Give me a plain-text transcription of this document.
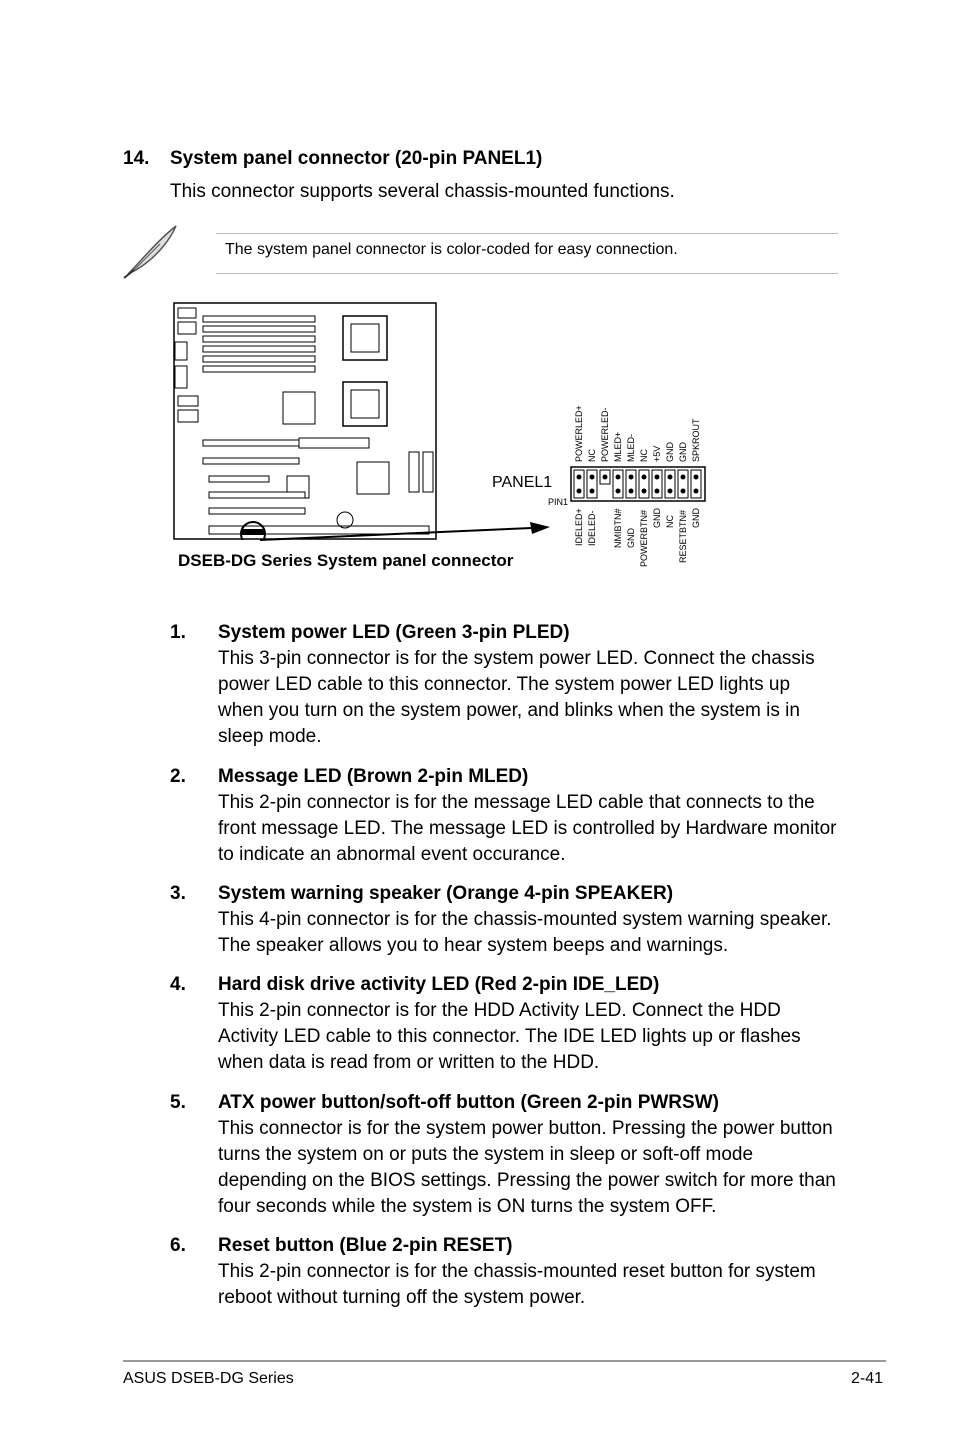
14. System panel connector (20-pin PANEL1)
This connector supports several chassis-mounted functions.
The system panel connector is color-coded for easy connection.
PANEL1
PIN1
POWERLED+ NC POWERLED- MLED+ MLED- NC +5V GND GND SPKROUT
IDELED+ IDELED- NMIBTN# GND POWERBTN# GND NC RESETBTN# GND
DSEB-DG Series System panel connector
1. System power LED (Green 3-pin PLED)
This 3-pin connector is for the system power LED. Connect the chassis power LED cable to this connector. The system power LED lights up when you turn on the system power, and blinks when the system is in sleep mode.
2. Message LED (Brown 2-pin MLED)
This 2-pin connector is for the message LED cable that connects to the front message LED. The message LED is controlled by Hardware monitor to indicate an abnormal event occurance.
3. System warning speaker (Orange 4-pin SPEAKER)
This 4-pin connector is for the chassis-mounted system warning speaker. The speaker allows you to hear system beeps and warnings.
4. Hard disk drive activity LED (Red 2-pin IDE_LED)
This 2-pin connector is for the HDD Activity LED. Connect the HDD Activity LED cable to this connector. The IDE LED lights up or flashes when data is read from or written to the HDD.
5. ATX power button/soft-off button (Green 2-pin PWRSW)
This connector is for the system power button. Pressing the power button turns the system on or puts the system in sleep or soft-off mode depending on the BIOS settings. Pressing the power switch for more than four seconds while the system is ON turns the system OFF.
6. Reset button (Blue 2-pin RESET)
This 2-pin connector is for the chassis-mounted reset button for system reboot without turning off the system power.
ASUS DSEB-DG Series	2-41
